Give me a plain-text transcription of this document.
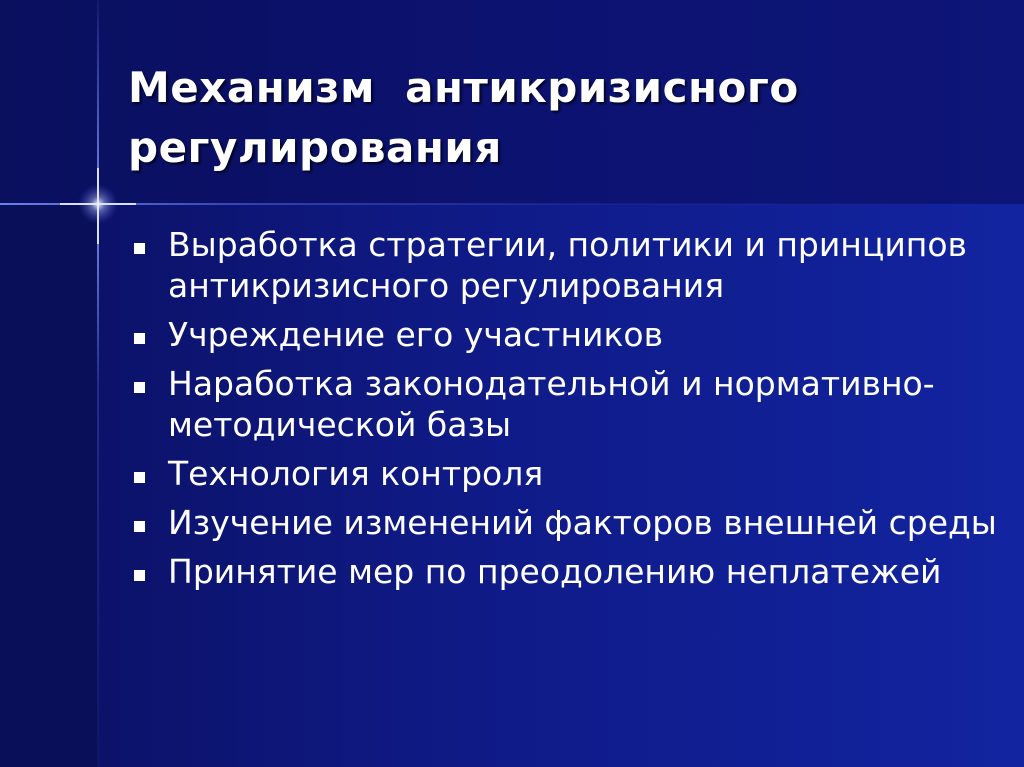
Механизм  антикризисного
регулирования
Выработка стратегии, политики и принципов антикризисного регулирования
Учреждение его участников
Наработка законодательной и нормативно-методической базы
Технология контроля
Изучение изменений факторов внешней среды
Принятие мер по преодолению неплатежей
